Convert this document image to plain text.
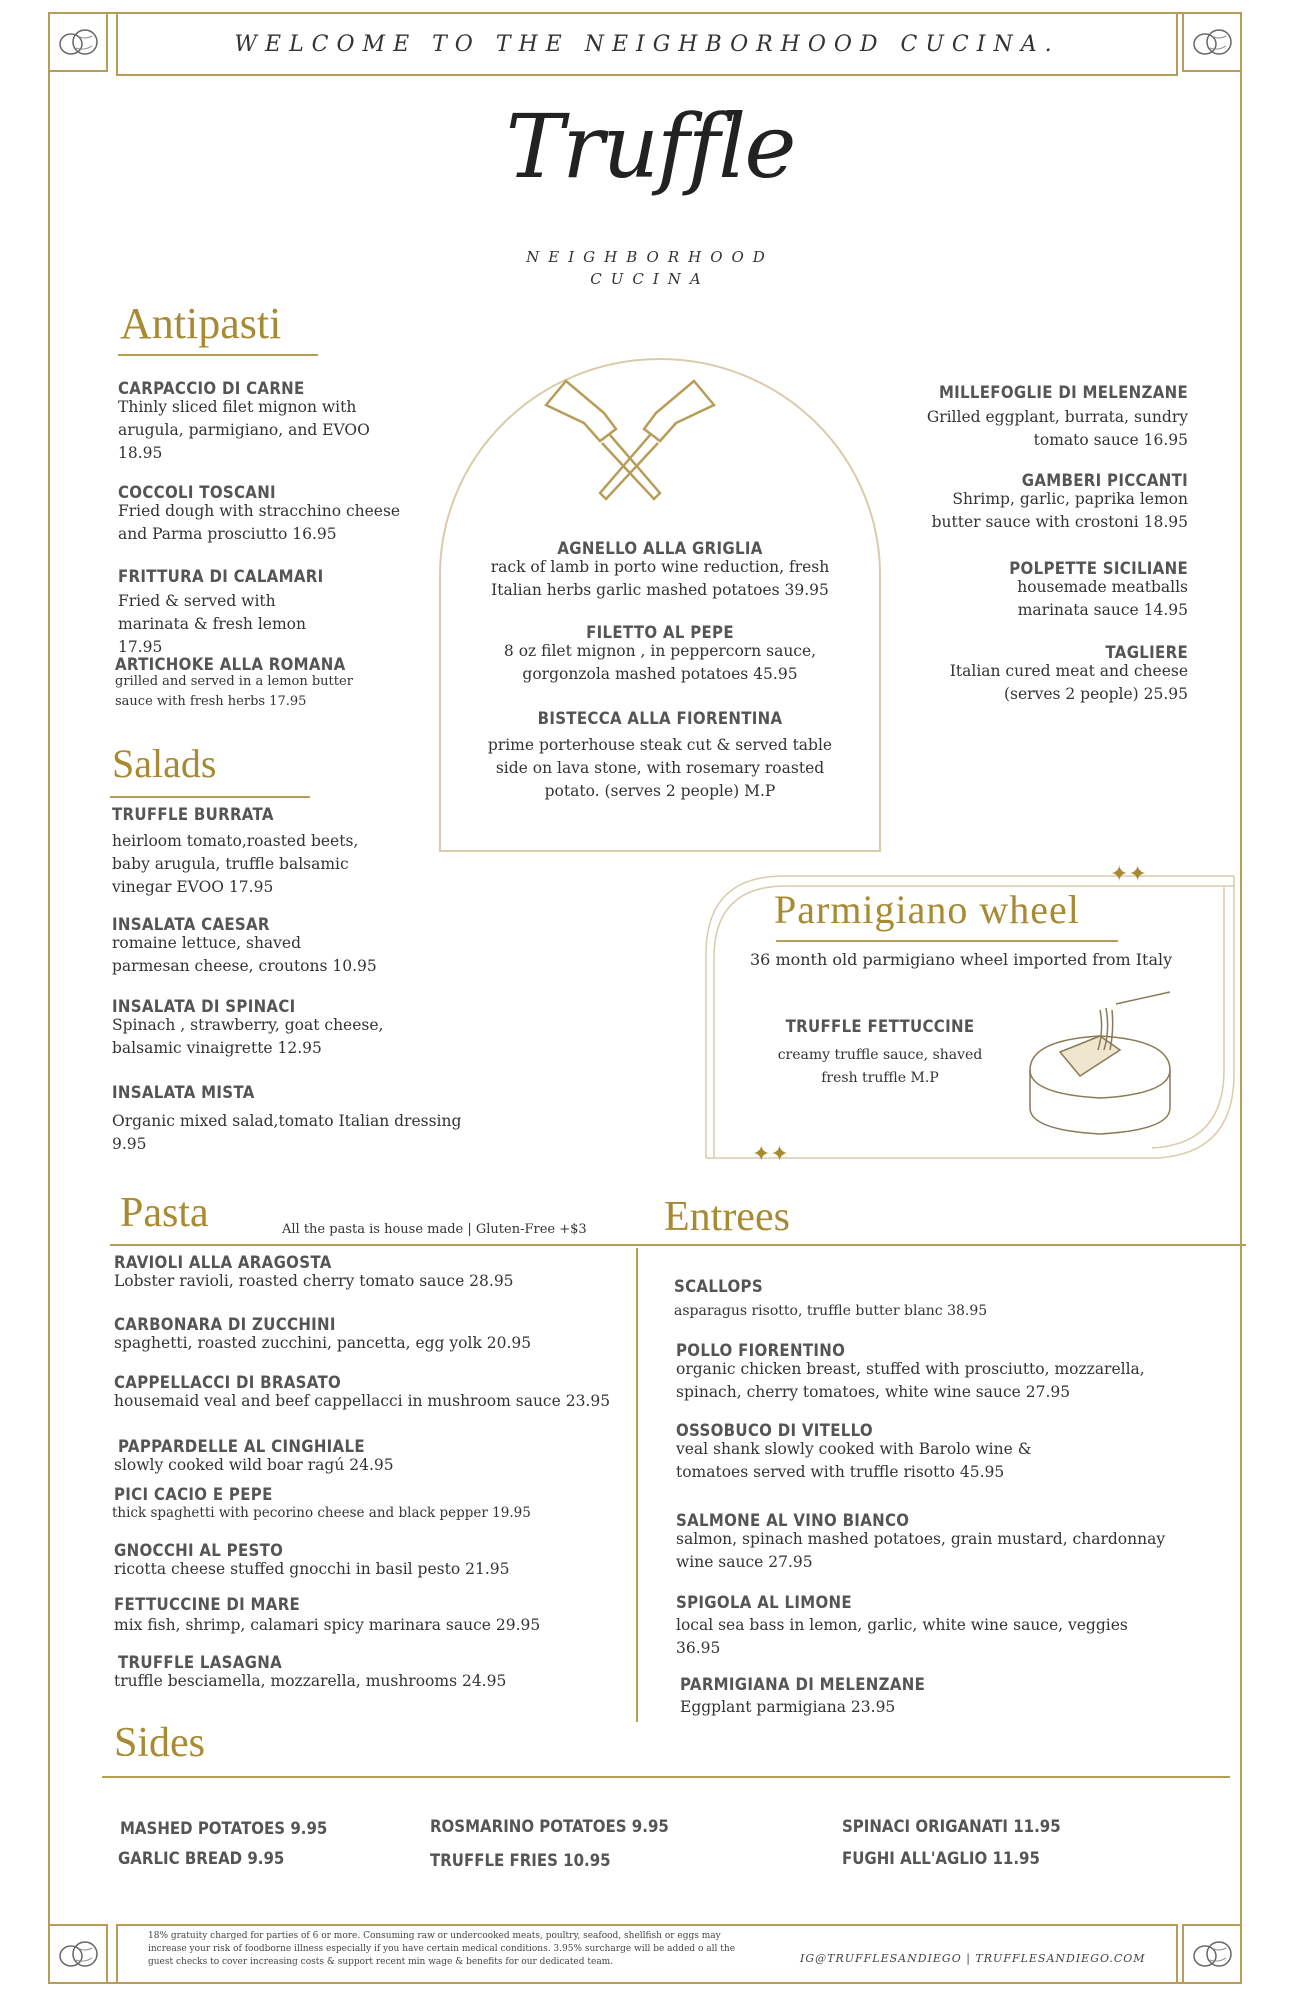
WELCOME TO THE NEIGHBORHOOD CUCINA.
Truffle
NEIGHBORHOOD
CUCINA
Antipasti
CARPACCIO DI CARNE
Thinly sliced filet mignon with arugula, parmigiano, and EVOO 18.95
COCCOLI TOSCANI
Fried dough with stracchino cheese and Parma prosciutto 16.95
FRITTURA DI CALAMARI
Fried & served with marinata & fresh lemon 17.95
ARTICHOKE ALLA ROMANA
grilled and served in a lemon butter sauce with fresh herbs 17.95
AGNELLO ALLA GRIGLIA
rack of lamb in porto wine reduction, fresh Italian herbs garlic mashed potatoes 39.95
FILETTO AL PEPE
8 oz filet mignon , in peppercorn sauce, gorgonzola mashed potatoes 45.95
BISTECCA ALLA FIORENTINA
prime porterhouse steak cut & served table side on lava stone, with rosemary roasted potato. (serves 2 people) M.P
MILLEFOGLIE DI MELENZANE
Grilled eggplant, burrata, sundry tomato sauce 16.95
GAMBERI PICCANTI
Shrimp, garlic, paprika lemon butter sauce with crostoni 18.95
POLPETTE SICILIANE
housemade meatballs marinata sauce 14.95
TAGLIERE
Italian cured meat and cheese (serves 2 people) 25.95
Salads
TRUFFLE BURRATA
heirloom tomato,roasted beets, baby arugula, truffle balsamic vinegar EVOO 17.95
INSALATA CAESAR
romaine lettuce, shaved parmesan cheese, croutons 10.95
INSALATA DI SPINACI
Spinach , strawberry, goat cheese, balsamic vinaigrette 12.95
INSALATA MISTA
Organic mixed salad,tomato Italian dressing 9.95
✦✦
✦✦
Parmigiano wheel
36 month old parmigiano wheel imported from Italy
TRUFFLE FETTUCCINE
creamy truffle sauce, shaved fresh truffle M.P
Pasta	All the pasta is house made | Gluten-Free +$3
RAVIOLI ALLA ARAGOSTA
Lobster ravioli, roasted cherry tomato sauce 28.95
CARBONARA DI ZUCCHINI
spaghetti, roasted zucchini, pancetta, egg yolk 20.95
CAPPELLACCI DI BRASATO
housemaid veal and beef cappellacci in mushroom sauce 23.95
PAPPARDELLE AL CINGHIALE
slowly cooked wild boar ragú 24.95
PICI CACIO E PEPE
thick spaghetti with pecorino cheese and black pepper 19.95
GNOCCHI AL PESTO
ricotta cheese stuffed gnocchi in basil pesto 21.95
FETTUCCINE DI MARE
mix fish, shrimp, calamari spicy marinara sauce 29.95
TRUFFLE LASAGNA
truffle besciamella, mozzarella, mushrooms 24.95
Entrees
SCALLOPS
asparagus risotto, truffle butter blanc 38.95
POLLO FIORENTINO
organic chicken breast, stuffed with prosciutto, mozzarella, spinach, cherry tomatoes, white wine sauce 27.95
OSSOBUCO DI VITELLO
veal shank slowly cooked with Barolo wine & tomatoes served with truffle risotto 45.95
SALMONE AL VINO BIANCO
salmon, spinach mashed potatoes, grain mustard, chardonnay wine sauce 27.95
SPIGOLA AL LIMONE
local sea bass in lemon, garlic, white wine sauce, veggies 36.95
PARMIGIANA DI MELENZANE
Eggplant parmigiana 23.95
Sides
MASHED POTATOES 9.95
GARLIC BREAD 9.95
ROSMARINO POTATOES 9.95
TRUFFLE FRIES 10.95
SPINACI ORIGANATI 11.95
FUGHI ALL'AGLIO 11.95
18% gratuity charged for parties of 6 or more. Consuming raw or undercooked meats, poultry, seafood, shellfish or eggs may increase your risk of foodborne illness especially if you have certain medical conditions. 3.95% surcharge will be added o all the guest checks to cover increasing costs & support recent min wage & benefits for our dedicated team.	IG@TRUFFLESANDIEGO | TRUFFLESANDIEGO.COM
